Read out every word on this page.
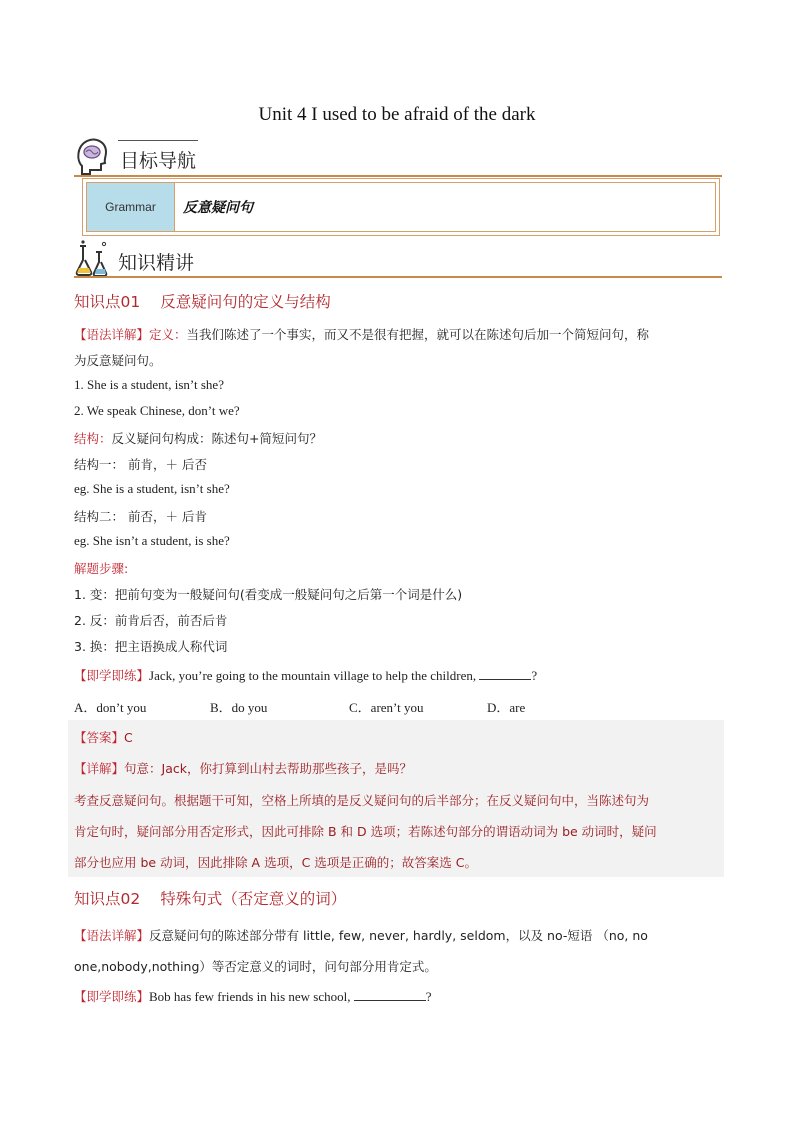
Unit 4 I used to be afraid of the dark
目标导航
Grammar	反意疑问句
知识精讲
知识点01 反意疑问句的定义与结构
【语法详解】定义：当我们陈述了一个事实，而又不是很有把握，就可以在陈述句后加一个简短问句，称
为反意疑问句。
1. She is a student, isn’t she?
2. We speak Chinese, don’t we?
结构：反义疑问句构成：陈述句+简短问句？
结构一： 前肯，＋ 后否
eg. She is a student, isn’t she?
结构二： 前否，＋ 后肯
eg. She isn’t a student, is she?
解题步骤:
1. 变：把前句变为一般疑问句(看变成一般疑问句之后第一个词是什么)
2. 反：前肯后否，前否后肯
3. 换：把主语换成人称代词
【即学即练】Jack, you’re going to the mountain village to help the children,	?
A．don’t you	B．do you	C．aren’t you	D．are
【答案】C
【详解】句意：Jack，你打算到山村去帮助那些孩子，是吗？
考查反意疑问句。根据题干可知，空格上所填的是反义疑问句的后半部分；在反义疑问句中，当陈述句为
肯定句时，疑问部分用否定形式，因此可排除 B 和 D 选项；若陈述句部分的谓语动词为 be 动词时，疑问
部分也应用 be 动词，因此排除 A 选项，C 选项是正确的；故答案选 C。
知识点02 特殊句式（否定意义的词）
【语法详解】反意疑问句的陈述部分带有 little, few, never, hardly, seldom，以及 no-短语 （no, no
one,nobody,nothing）等否定意义的词时，问句部分用肯定式。
【即学即练】Bob has few friends in his new school,	?
